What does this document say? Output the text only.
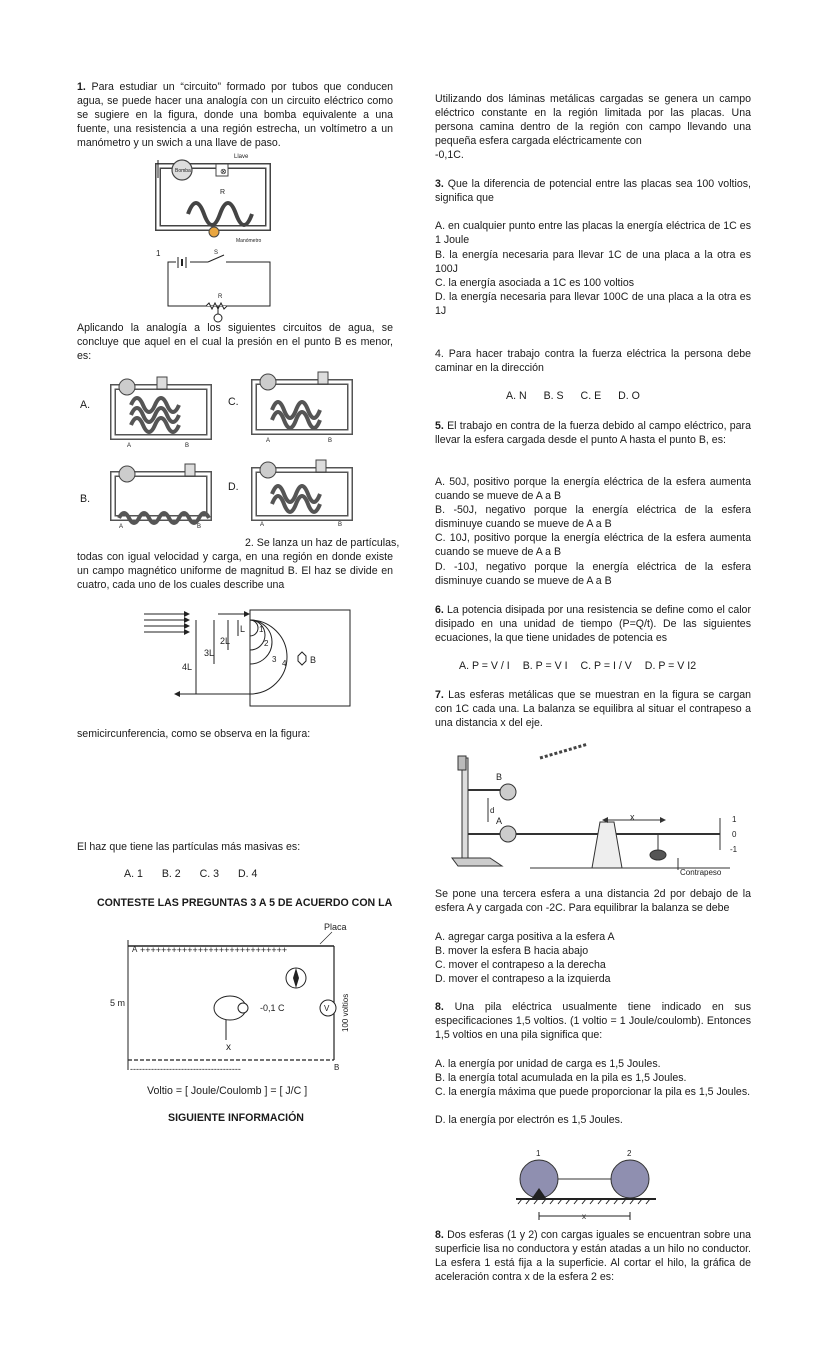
1. Para estudiar un “circuito” formado por tubos que conducen agua, se puede hacer una analogía con un circuito eléctrico como se sugiere en la figura, donde una bomba equivalente a una fuente, una resistencia a una región estrecha, un voltímetro a un manómetro y un swich a una llave de paso.

Bomba	⊗
Llave
R
Manómetro
1	S
R

Aplicando la analogía a los siguientes circuitos de agua, se concluye que aquel en el cual la presión en el punto B es menor, es:

A.	C.
B.
D.
A	B
A	B
A	B	A	B

2. Se lanza un haz de partículas,

todas con igual velocidad y carga, en una región en donde existe un campo magnético uniforme de magnitud B. El haz se divide en cuatro, cada uno de los cuales describe una

L
2L
3L
4L
1
2
3 4	B

semicircunferencia, como se observa en la figura:

El haz que tiene las partículas más masivas es:

A. 1 B. 2 C. 3 D. 4

CONTESTE LAS PREGUNTAS 3 A 5 DE ACUERDO CON LA

Placa
A ++++++++++++++++++++++++++++
-------------------------------------	B
5 m	-0,1 C
x
V 100 voltios

Voltio = [ Joule/Coulomb ] = [ J/C ]

SIGUIENTE INFORMACIÓN

Utilizando dos láminas metálicas cargadas se genera un campo eléctrico constante en la región limitada por las placas. Una persona camina dentro de la región con campo llevando una pequeña esfera cargada eléctricamente con

-0,1C.

3. Que la diferencia de potencial entre las placas sea 100 voltios, significa que

A. en cualquier punto entre las placas la energía eléctrica de 1C es 1 Joule

B. la energía necesaria para llevar 1C de una placa a la otra es 100J

C. la energía asociada a 1C es 100 voltios

D. la energía necesaria para llevar 100C de una placa a la otra es 1J

4. Para hacer trabajo contra la fuerza eléctrica la persona debe caminar en la dirección

A. N B. S C. E D. O

5. El trabajo en contra de la fuerza debido al campo eléctrico, para llevar la esfera cargada desde el punto A hasta el punto B, es:

A. 50J, positivo porque la energía eléctrica de la esfera aumenta cuando se mueve de A a B

B. -50J, negativo porque la energía eléctrica de la esfera disminuye cuando se mueve de A a B

C. 10J, positivo porque la energía eléctrica de la esfera aumenta cuando se mueve de A a B

D. -10J, negativo porque la energía eléctrica de la esfera disminuye cuando se mueve de A a B

6. La potencia disipada por una resistencia se define como el calor disipado en una unidad de tiempo (P=Q/t). De las siguientes ecuaciones, la que tiene unidades de potencia es

A. P = V / I B. P = V I C. P = I / V D. P = V I2

7. Las esferas metálicas que se muestran en la figura se cargan con 1C cada una. La balanza se equilibra al situar el contrapeso a una distancia x del eje.

B
d
A	x
Contrapeso
1
0
-1

Se pone una tercera esfera a una distancia 2d por debajo de la esfera A y cargada con -2C. Para equilibrar la balanza se debe

A. agregar carga positiva a la esfera A

B. mover la esfera B hacia abajo

C. mover el contrapeso a la derecha

D. mover el contrapeso a la izquierda

8. Una pila eléctrica usualmente tiene indicado en sus especificaciones 1,5 voltios. (1 voltio = 1 Joule/coulomb). Entonces 1,5 voltios en una pila significa que:

A. la energía por unidad de carga es 1,5 Joules.

B. la energía total acumulada en la pila es 1,5 Joules.

C. la energía máxima que puede proporcionar la pila es 1,5 Joules.

D. la energía por electrón es 1,5 Joules.

1	2
x

8. Dos esferas (1 y 2) con cargas iguales se encuentran sobre una superficie lisa no conductora y están atadas a un hilo no conductor. La esfera 1 está fija a la superficie. Al cortar el hilo, la gráfica de aceleración contra x de la esfera 2 es:
